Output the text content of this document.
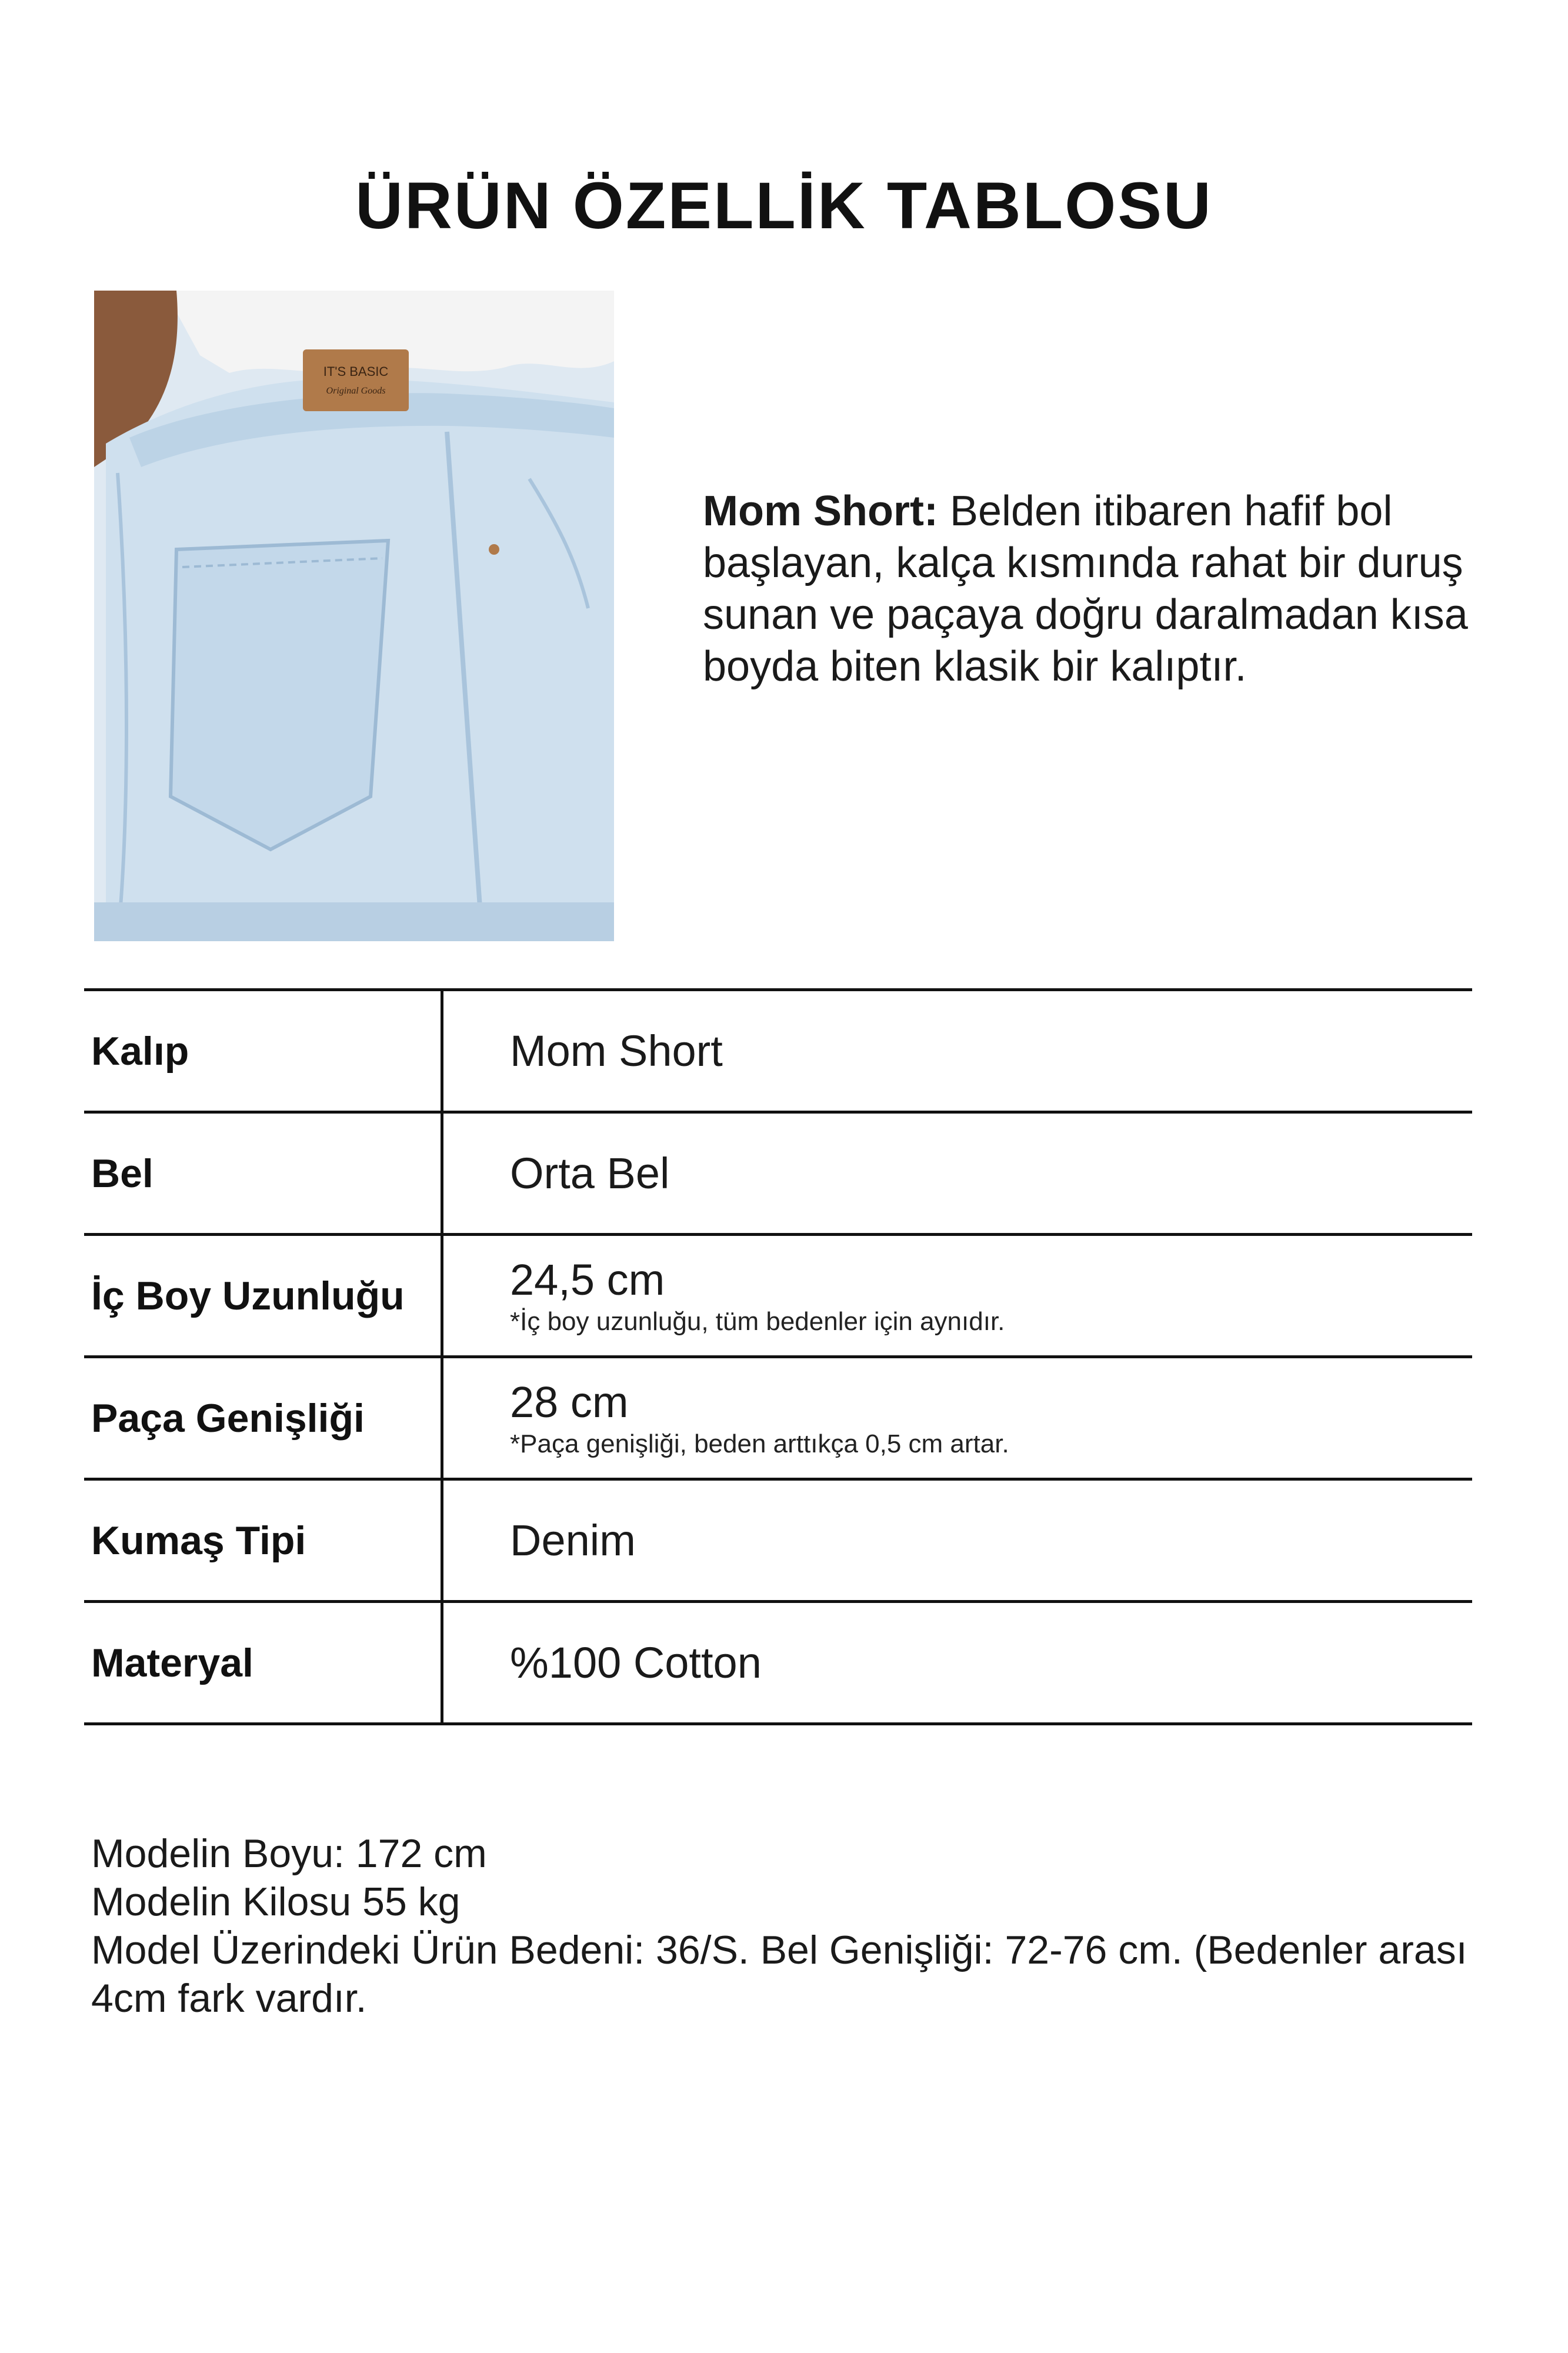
ÜRÜN ÖZELLİK TABLOSU
IT'S BASIC
Original Goods
Mom Short: Belden itibaren hafif bol başlayan, kalça kısmında rahat bir duruş sunan ve paçaya doğru daralmadan kısa boyda biten klasik bir kalıptır.
Kalıp	Mom Short
Bel	Orta Bel
İç Boy Uzunluğu	24,5 cm
*İç boy uzunluğu, tüm bedenler için aynıdır.

Paça Genişliği	28 cm
*Paça genişliği, beden arttıkça 0,5 cm artar.

Kumaş Tipi	Denim
Materyal	%100 Cotton
Modelin Boyu: 172 cm
Modelin Kilosu 55 kg
Model Üzerindeki Ürün Bedeni: 36/S. Bel Genişliği: 72-76 cm. (Bedenler arası 4cm fark vardır.
